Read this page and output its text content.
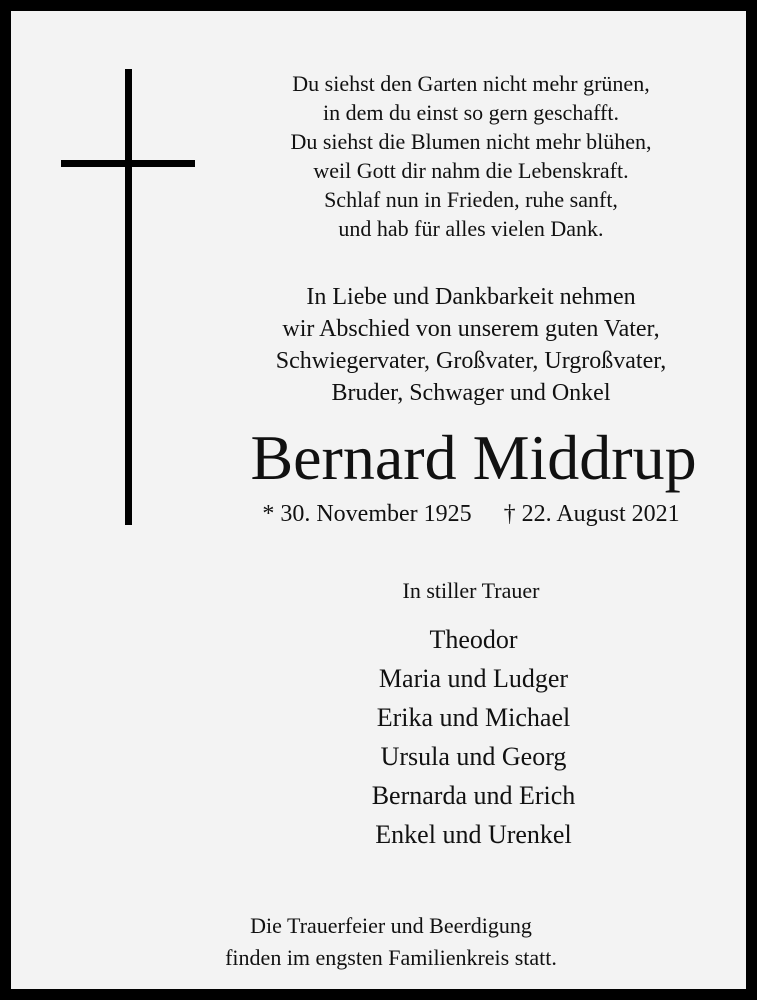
Du siehst den Garten nicht mehr grünen,
in dem du einst so gern geschafft.
Du siehst die Blumen nicht mehr blühen,
weil Gott dir nahm die Lebenskraft.
Schlaf nun in Frieden, ruhe sanft,
und hab für alles vielen Dank.
In Liebe und Dankbarkeit nehmen
wir Abschied von unserem guten Vater,
Schwiegervater, Großvater, Urgroßvater,
Bruder, Schwager und Onkel
Bernard Middrup
* 30. November 1925 † 22. August 2021
In stiller Trauer
Theodor
Maria und Ludger
Erika und Michael
Ursula und Georg
Bernarda und Erich
Enkel und Urenkel
Die Trauerfeier und Beerdigung
finden im engsten Familienkreis statt.
